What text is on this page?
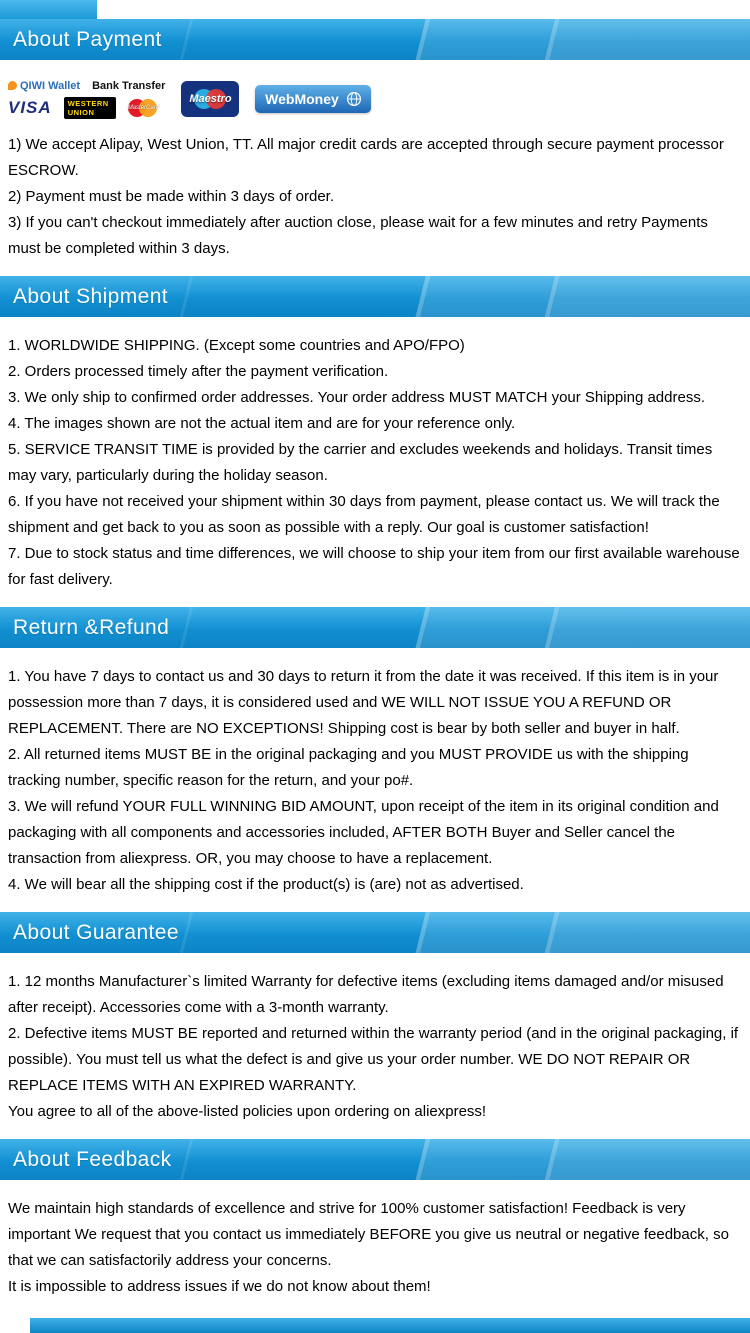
About Payment
QIWI Wallet Bank Transfer
VISA	WESTERN UNION	MasterCard
Maestro	WebMoney

1) We accept Alipay, West Union, TT. All major credit cards are accepted through secure payment processor ESCROW.

2) Payment must be made within 3 days of order.

3) If you can't checkout immediately after auction close, please wait for a few minutes and retry Payments must be completed within 3 days.

About Shipment

1. WORLDWIDE SHIPPING. (Except some countries and APO/FPO)

2. Orders processed timely after the payment verification.

3. We only ship to confirmed order addresses. Your order address MUST MATCH your Shipping address.

4. The images shown are not the actual item and are for your reference only.

5. SERVICE TRANSIT TIME is provided by the carrier and excludes weekends and holidays. Transit times may vary, particularly during the holiday season.

6. If you have not received your shipment within 30 days from payment, please contact us. We will track the shipment and get back to you as soon as possible with a reply. Our goal is customer satisfaction!

7. Due to stock status and time differences, we will choose to ship your item from our first available warehouse for fast delivery.

Return &Refund

1. You have 7 days to contact us and 30 days to return it from the date it was received. If this item is in your possession more than 7 days, it is considered used and WE WILL NOT ISSUE YOU A REFUND OR REPLACEMENT. There are NO EXCEPTIONS! Shipping cost is bear by both seller and buyer in half.

2. All returned items MUST BE in the original packaging and you MUST PROVIDE us with the shipping tracking number, specific reason for the return, and your po#.

3. We will refund YOUR FULL WINNING BID AMOUNT, upon receipt of the item in its original condition and packaging with all components and accessories included, AFTER BOTH Buyer and Seller cancel the transaction from aliexpress. OR, you may choose to have a replacement.

4. We will bear all the shipping cost if the product(s) is (are) not as advertised.

About Guarantee

1. 12 months Manufacturer`s limited Warranty for defective items (excluding items damaged and/or misused after receipt). Accessories come with a 3-month warranty.

2. Defective items MUST BE reported and returned within the warranty period (and in the original packaging, if possible). You must tell us what the defect is and give us your order number. WE DO NOT REPAIR OR REPLACE ITEMS WITH AN EXPIRED WARRANTY.

You agree to all of the above-listed policies upon ordering on aliexpress!

About Feedback

We maintain high standards of excellence and strive for 100% customer satisfaction! Feedback is very important We request that you contact us immediately BEFORE you give us neutral or negative feedback, so that we can satisfactorily address your concerns.

It is impossible to address issues if we do not know about them!
